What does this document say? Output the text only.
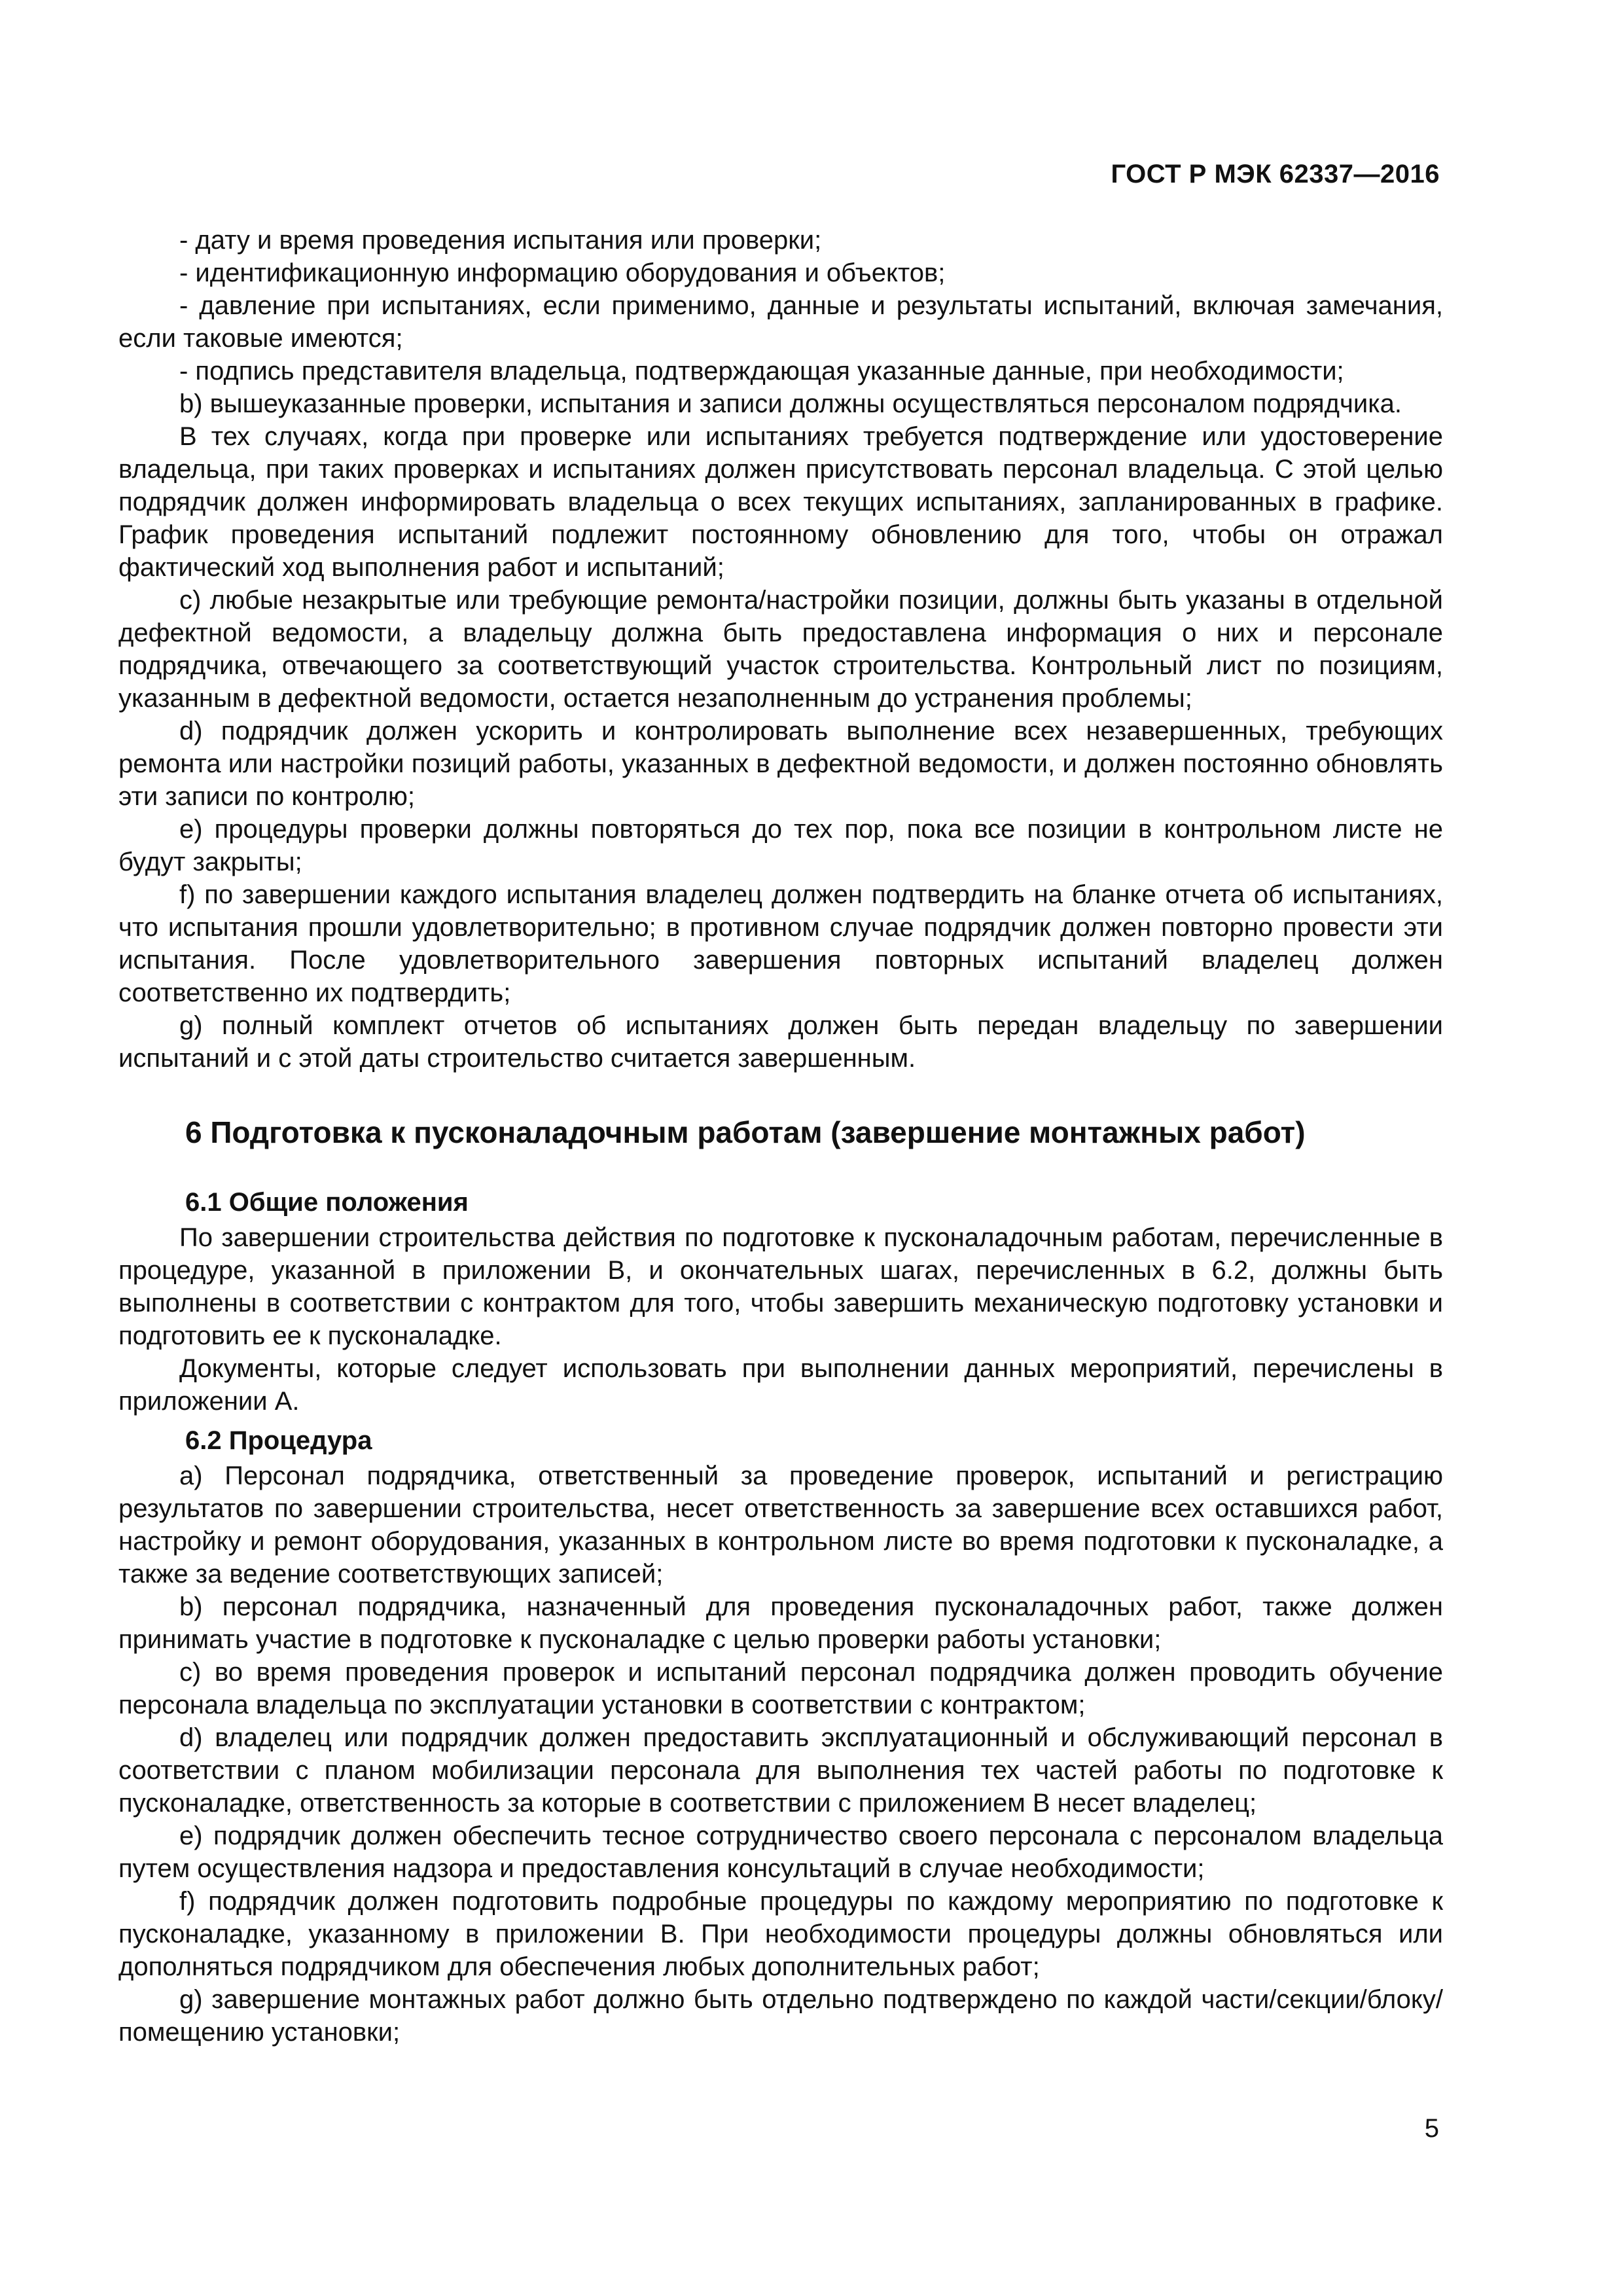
ГОСТ Р МЭК 62337—2016

- дату и время проведения испытания или проверки;

- идентификационную информацию оборудования и объектов;

- давление при испытаниях, если применимо, данные и результаты испытаний, включая замечания, если таковые имеются;

- подпись представителя владельца, подтверждающая указанные данные, при необходимости;

b) вышеуказанные проверки, испытания и записи должны осуществляться персоналом подрядчика.

В тех случаях, когда при проверке или испытаниях требуется подтверждение или удостоверение владельца, при таких проверках и испытаниях должен присутствовать персонал владельца. С этой целью подрядчик должен информировать владельца о всех текущих испытаниях, запланированных в графике. График проведения испытаний подлежит постоянному обновлению для того, чтобы он отражал фактический ход выполнения работ и испытаний;

c) любые незакрытые или требующие ремонта/настройки позиции, должны быть указаны в отдельной дефектной ведомости, а владельцу должна быть предоставлена информация о них и персонале подрядчика, отвечающего за соответствующий участок строительства. Контрольный лист по позициям, указанным в дефектной ведомости, остается незаполненным до устранения проблемы;

d) подрядчик должен ускорить и контролировать выполнение всех незавершенных, требующих ремонта или настройки позиций работы, указанных в дефектной ведомости, и должен постоянно обновлять эти записи по контролю;

e) процедуры проверки должны повторяться до тех пор, пока все позиции в контрольном листе не будут закрыты;

f) по завершении каждого испытания владелец должен подтвердить на бланке отчета об испытаниях, что испытания прошли удовлетворительно; в противном случае подрядчик должен повторно провести эти испытания. После удовлетворительного завершения повторных испытаний владелец должен соответственно их подтвердить;

g) полный комплект отчетов об испытаниях должен быть передан владельцу по завершении испытаний и с этой даты строительство считается завершенным.

6 Подготовка к пусконаладочным работам (завершение монтажных работ)
6.1 Общие положения

По завершении строительства действия по подготовке к пусконаладочным работам, перечисленные в процедуре, указанной в приложении B, и окончательных шагах, перечисленных в 6.2, должны быть выполнены в соответствии с контрактом для того, чтобы завершить механическую подготовку установки и подготовить ее к пусконаладке.

Документы, которые следует использовать при выполнении данных мероприятий, перечислены в приложении A.

6.2 Процедура

a) Персонал подрядчика, ответственный за проведение проверок, испытаний и регистрацию результатов по завершении строительства, несет ответственность за завершение всех оставшихся работ, настройку и ремонт оборудования, указанных в контрольном листе во время подготовки к пусконаладке, а также за ведение соответствующих записей;

b) персонал подрядчика, назначенный для проведения пусконаладочных работ, также должен принимать участие в подготовке к пусконаладке с целью проверки работы установки;

c) во время проведения проверок и испытаний персонал подрядчика должен проводить обучение персонала владельца по эксплуатации установки в соответствии с контрактом;

d) владелец или подрядчик должен предоставить эксплуатационный и обслуживающий персонал в соответствии с планом мобилизации персонала для выполнения тех частей работы по подготовке к пусконаладке, ответственность за которые в соответствии с приложением B несет владелец;

e) подрядчик должен обеспечить тесное сотрудничество своего персонала с персоналом владельца путем осуществления надзора и предоставления консультаций в случае необходимости;

f) подрядчик должен подготовить подробные процедуры по каждому мероприятию по подготовке к пусконаладке, указанному в приложении B. При необходимости процедуры должны обновляться или дополняться подрядчиком для обеспечения любых дополнительных работ;

g) завершение монтажных работ должно быть отдельно подтверждено по каждой части/секции/блоку/помещению установки;

5
